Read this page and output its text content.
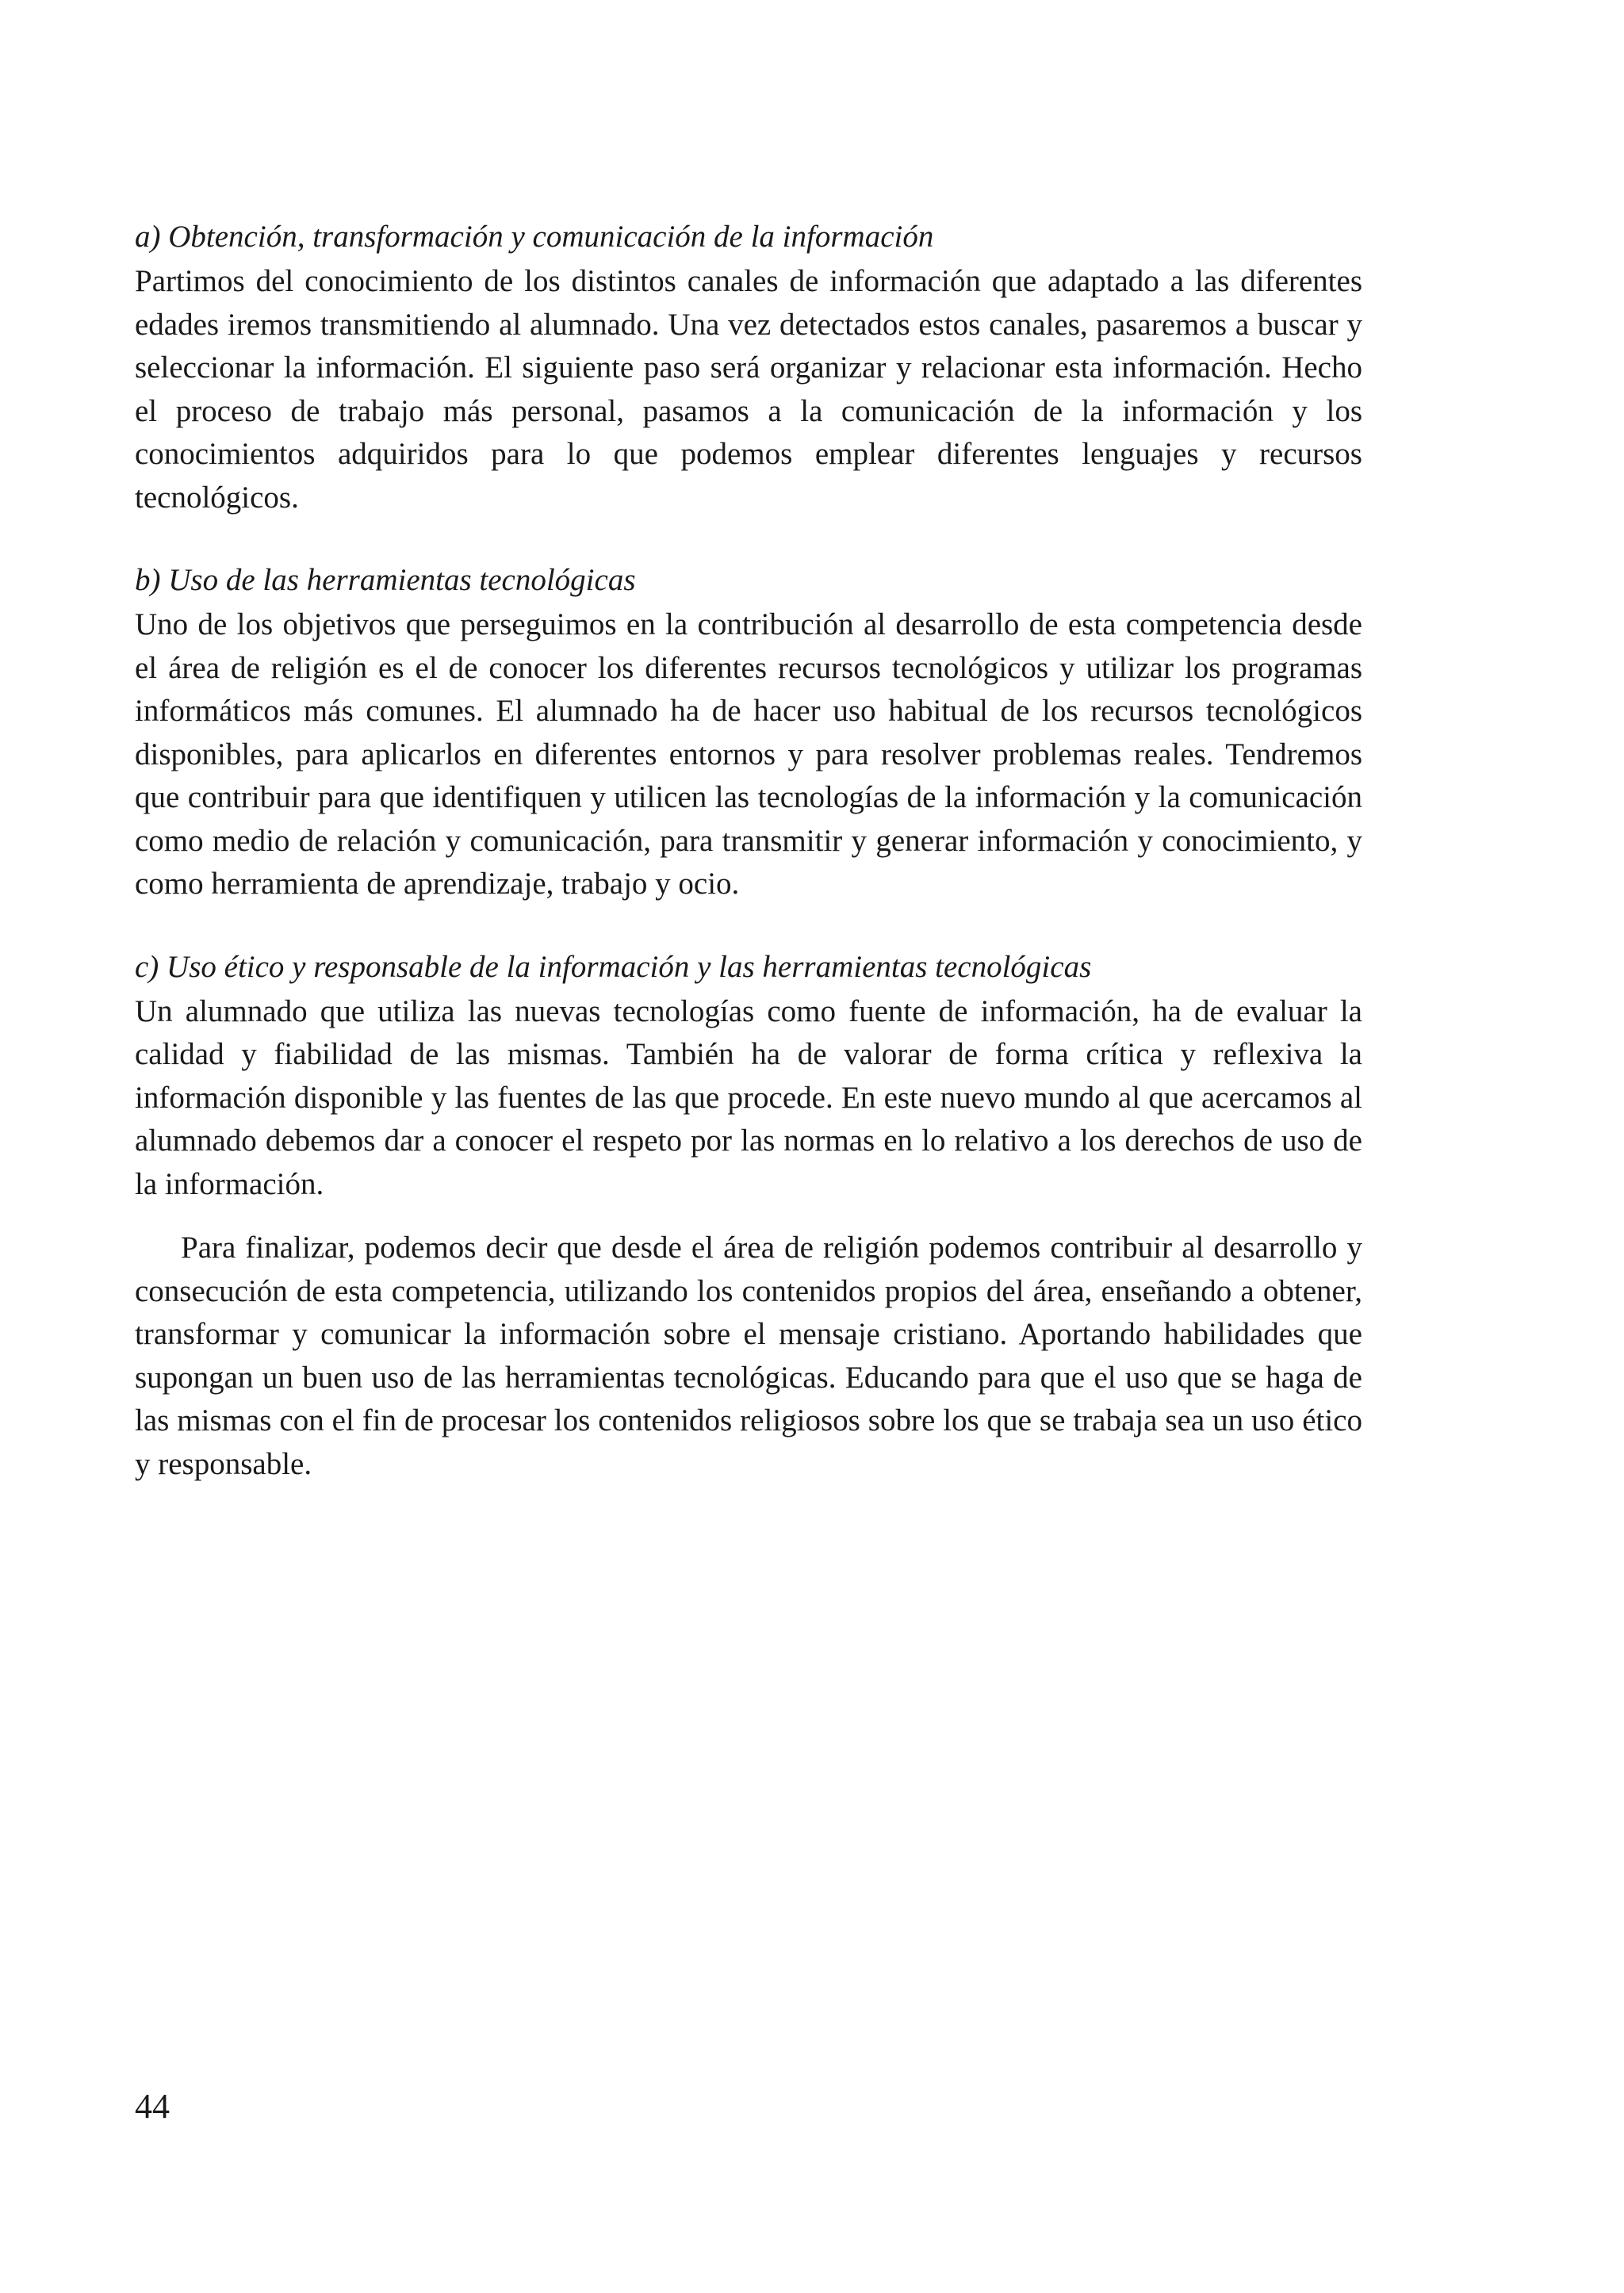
a) Obtención, transformación y comunicación de la información

Partimos del conocimiento de los distintos canales de información que adaptado a las diferentes edades iremos transmitiendo al alumnado. Una vez detectados estos canales, pasaremos a buscar y seleccionar la información. El siguiente paso será organizar y relacionar esta información. Hecho el proceso de trabajo más personal, pasamos a la comunicación de la información y los conocimientos adquiridos para lo que podemos emplear diferentes lenguajes y recursos tecnológicos.

b) Uso de las herramientas tecnológicas

Uno de los objetivos que perseguimos en la contribución al desarrollo de esta competencia desde el área de religión es el de conocer los diferentes recursos tecnológicos y utilizar los programas informáticos más comunes. El alumnado ha de hacer uso habitual de los recursos tecnológicos disponibles, para aplicarlos en diferentes entornos y para resolver problemas reales. Tendremos que contribuir para que identifiquen y utilicen las tecnologías de la información y la comunicación como medio de relación y comunicación, para transmitir y generar información y conocimiento, y como herramienta de aprendizaje, trabajo y ocio.

c) Uso ético y responsable de la información y las herramientas tecnológicas

Un alumnado que utiliza las nuevas tecnologías como fuente de información, ha de evaluar la calidad y fiabilidad de las mismas. También ha de valorar de forma crítica y reflexiva la información disponible y las fuentes de las que procede. En este nuevo mundo al que acercamos al alumnado debemos dar a conocer el respeto por las normas en lo relativo a los derechos de uso de la información.

Para finalizar, podemos decir que desde el área de religión podemos contribuir al desarrollo y consecución de esta competencia, utilizando los contenidos propios del área, enseñando a obtener, transformar y comunicar la información sobre el mensaje cristiano. Aportando habilidades que supongan un buen uso de las herramientas tecnológicas. Educando para que el uso que se haga de las mismas con el fin de procesar los contenidos religiosos sobre los que se trabaja sea un uso ético y responsable.

44
